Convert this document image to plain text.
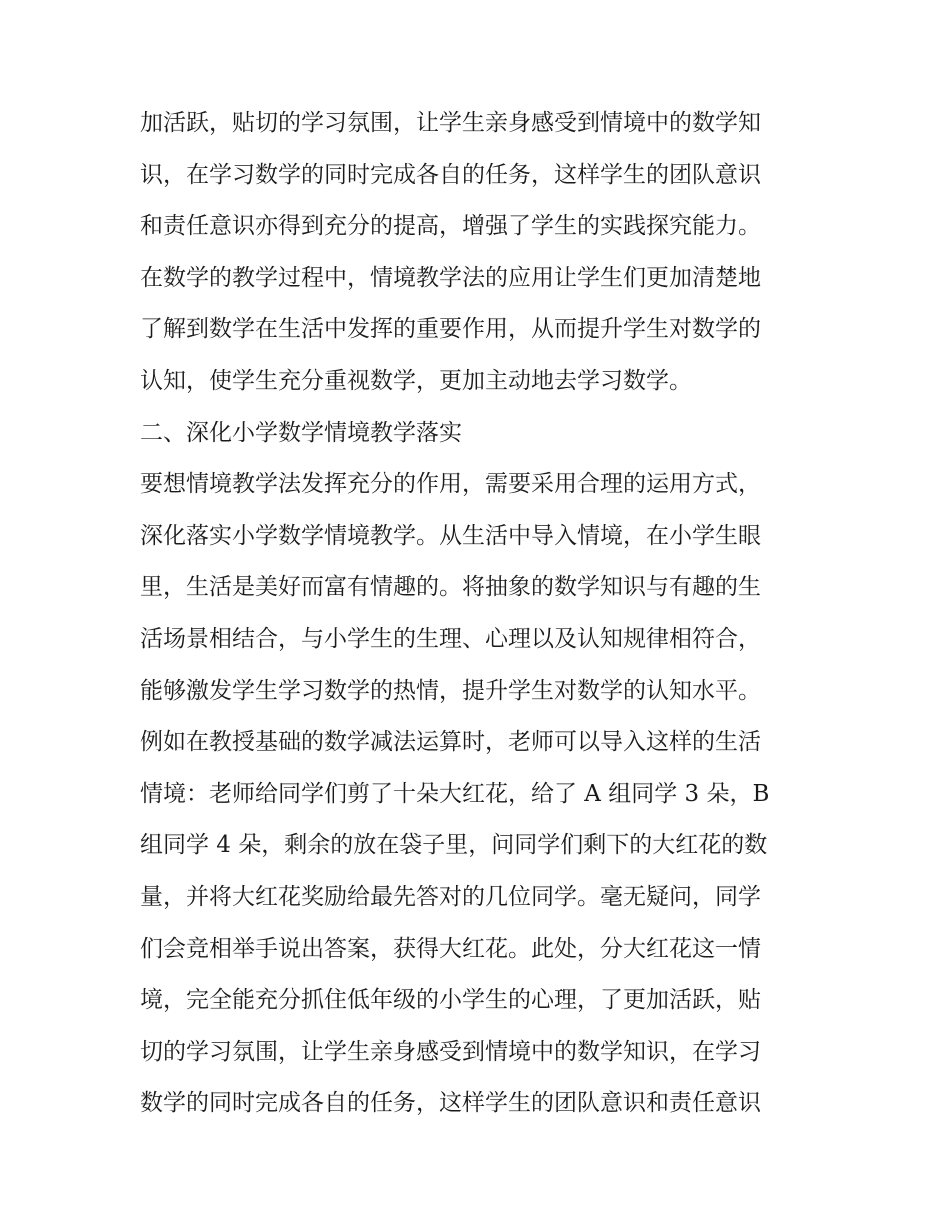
加活跃，贴切的学习氛围，让学生亲身感受到情境中的数学知
识，在学习数学的同时完成各自的任务，这样学生的团队意识
和责任意识亦得到充分的提高，增强了学生的实践探究能力。
在数学的教学过程中，情境教学法的应用让学生们更加清楚地
了解到数学在生活中发挥的重要作用，从而提升学生对数学的
认知，使学生充分重视数学，更加主动地去学习数学。
二、深化小学数学情境教学落实
要想情境教学法发挥充分的作用，需要采用合理的运用方式，
深化落实小学数学情境教学。从生活中导入情境，在小学生眼
里，生活是美好而富有情趣的。将抽象的数学知识与有趣的生
活场景相结合，与小学生的生理、心理以及认知规律相符合，
能够激发学生学习数学的热情，提升学生对数学的认知水平。
例如在教授基础的数学减法运算时，老师可以导入这样的生活
情境：老师给同学们剪了十朵大红花，给了 A 组同学 3 朵，B
组同学 4 朵，剩余的放在袋子里，问同学们剩下的大红花的数
量，并将大红花奖励给最先答对的几位同学。毫无疑问，同学
们会竞相举手说出答案，获得大红花。此处，分大红花这一情
境，完全能充分抓住低年级的小学生的心理，了更加活跃，贴
切的学习氛围，让学生亲身感受到情境中的数学知识，在学习
数学的同时完成各自的任务，这样学生的团队意识和责任意识
